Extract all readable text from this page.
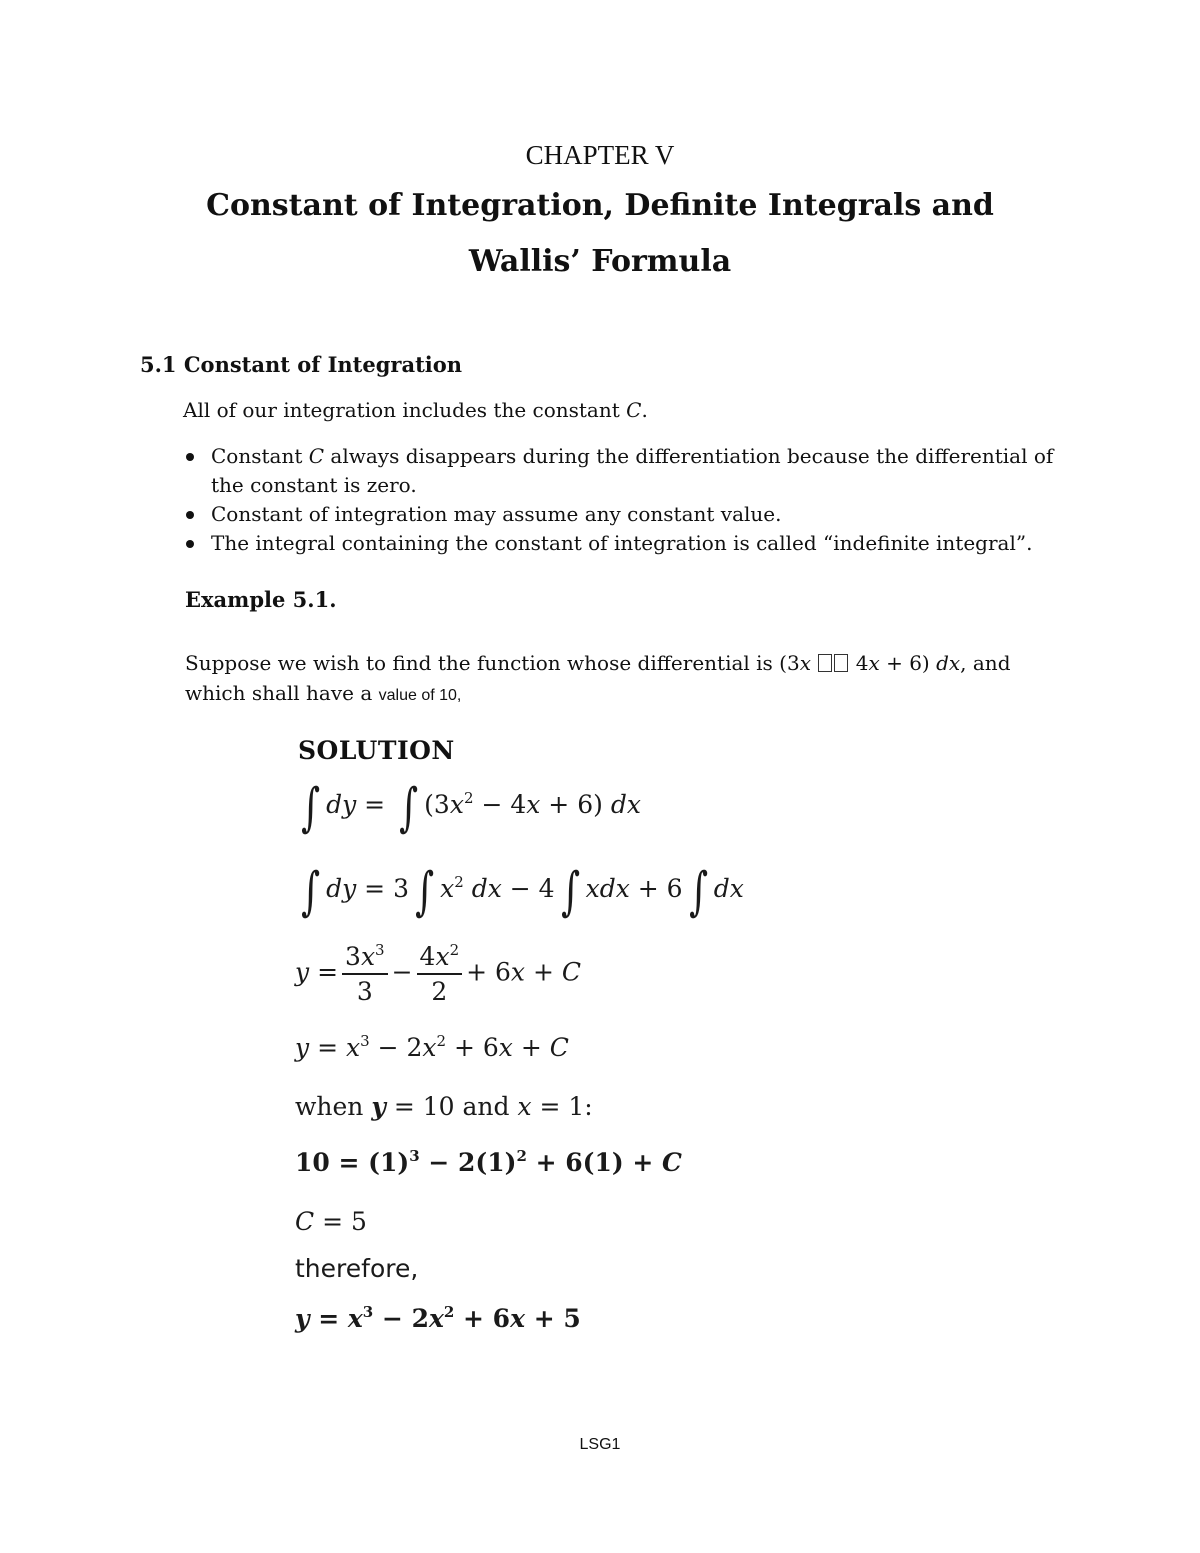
CHAPTER V
Constant of Integration, Definite Integrals and
Wallis’ Formula
5.1 Constant of Integration
All of our integration includes the constant C.
Constant C always disappears during the differentiation because the differential of the constant is zero.
Constant of integration may assume any constant value.
The integral containing the constant of integration is called “indefinite integral”.
Example 5.1.
Suppose we wish to find the function whose differential is (3x 4x + 6) dx, and
which shall have a value of 10,
SOLUTION
∫ dy = ∫ $(3x^2 - 4x + 6)$ dx
∫ dy = 3 ∫ $x^2$ dx − 4 ∫ xdx + 6 ∫ dx
$y = \frac{3x^3}{3} - \frac{4x^2}{2} + 6x + C$
$y = x^3 - 2x^2 + 6x + C$
when y = 10 and x = 1:
$10 = (1)^3 - 2(1)^2 + 6(1) + C$
C = 5
therefore,
$y = x^3 - 2x^2 + 6x + 5$
LSG1
